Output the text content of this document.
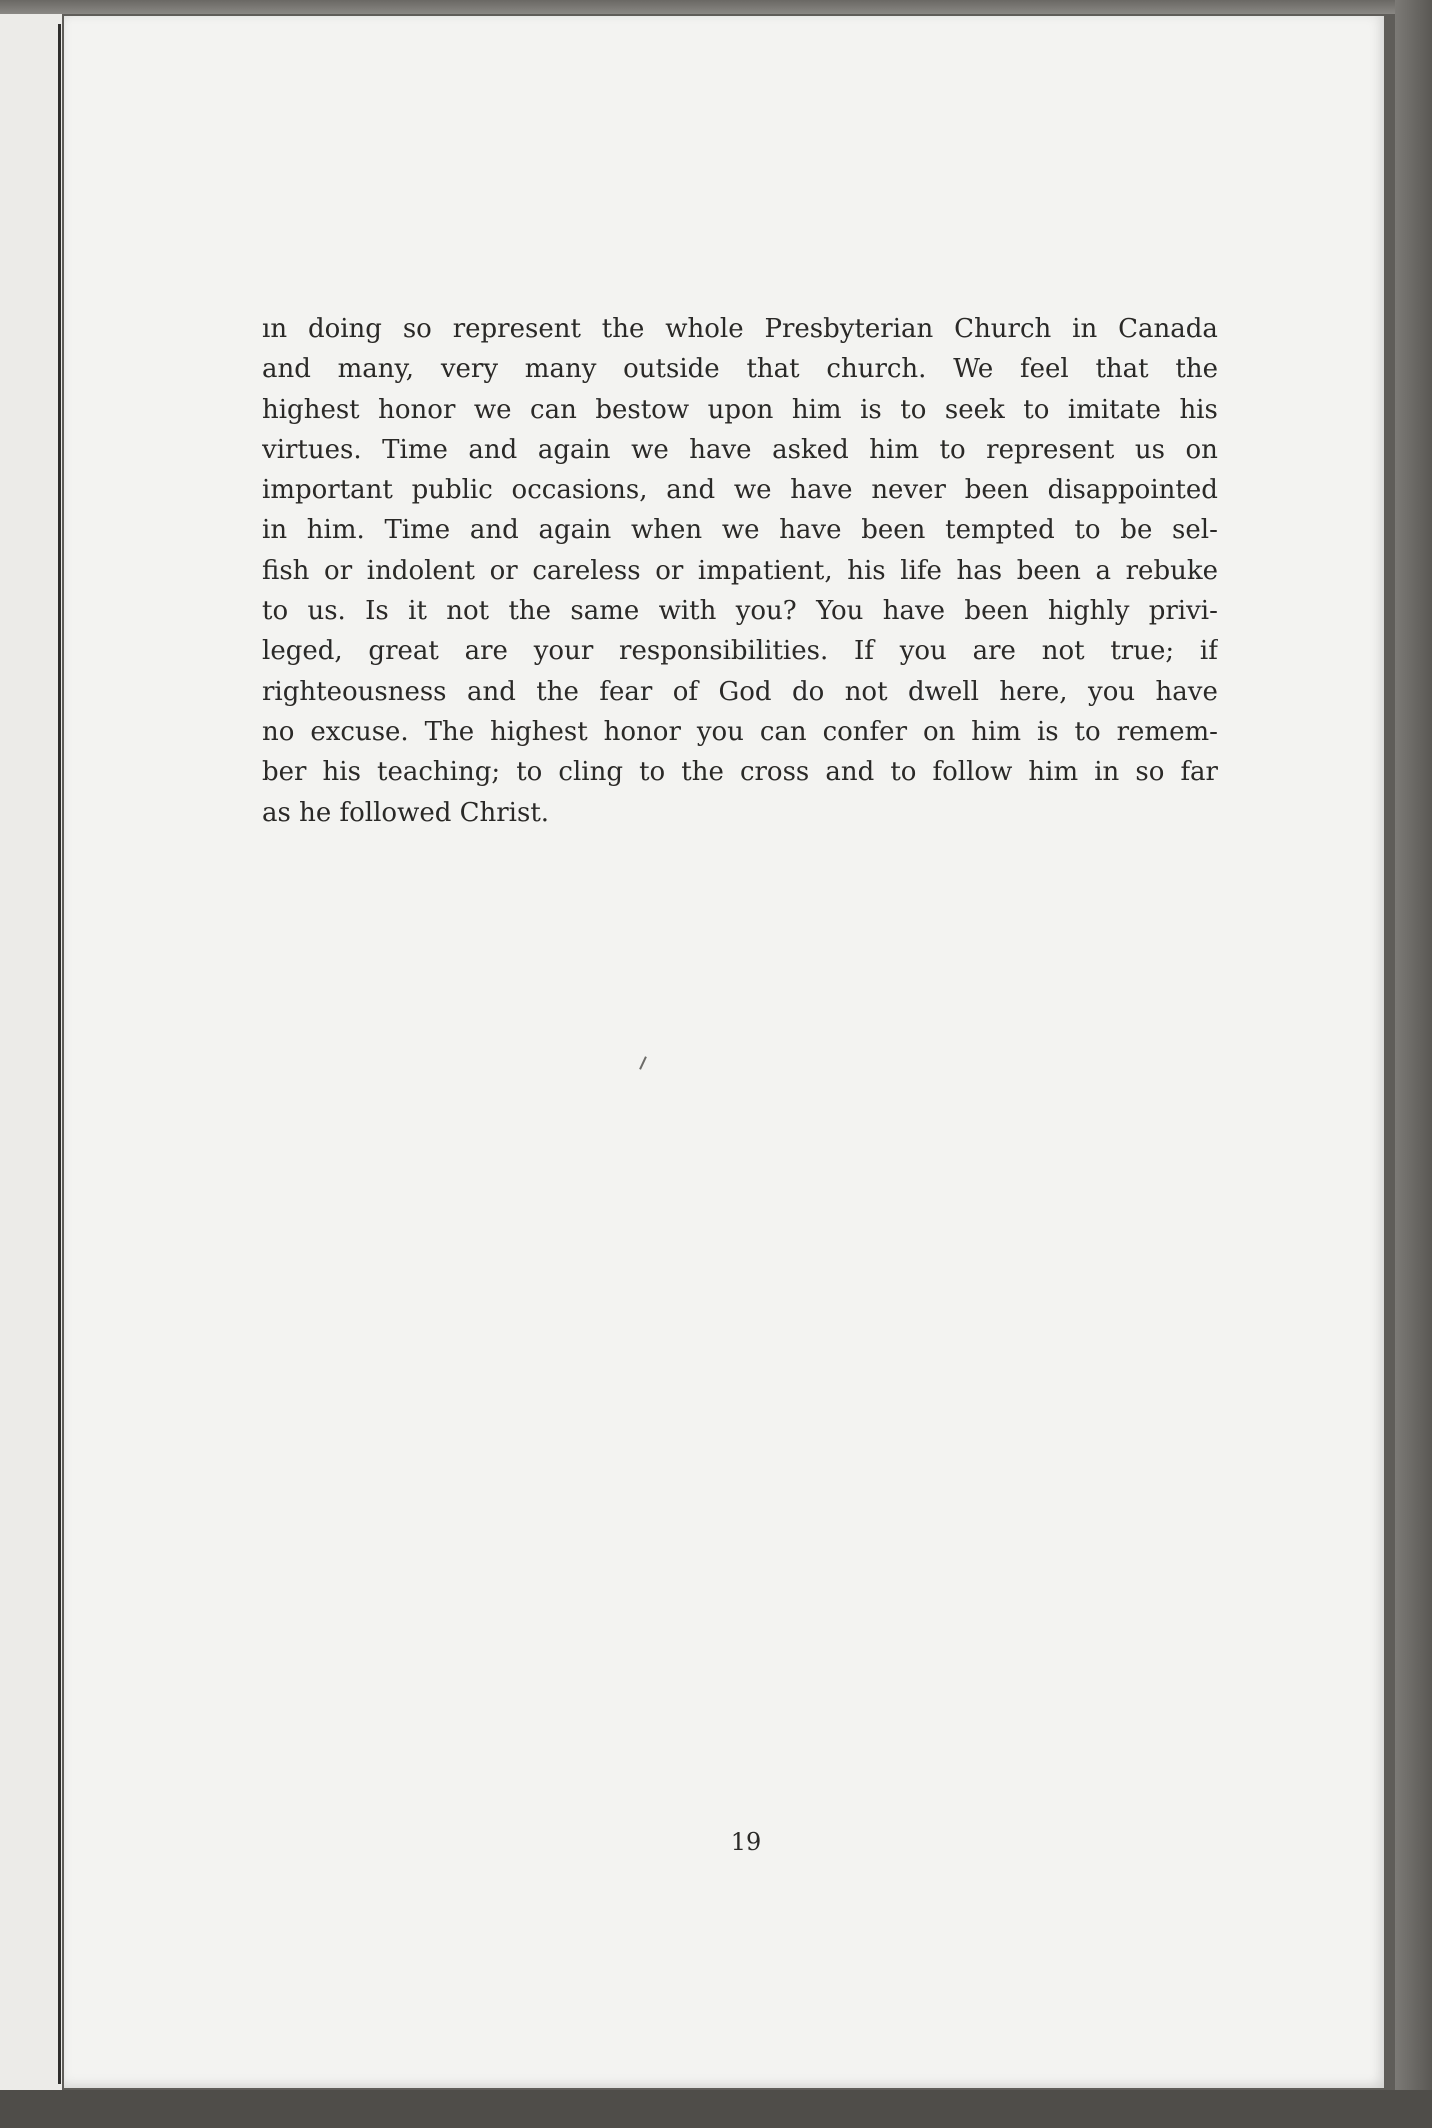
ın doing so represent the whole Presbyterian Church in Canada
and many, very many outside that church. We feel that the
highest honor we can bestow upon him is to seek to imitate his
virtues. Time and again we have asked him to represent us on
important public occasions, and we have never been disappointed
in him. Time and again when we have been tempted to be sel-
fish or indolent or careless or impatient, his life has been a rebuke
to us. Is it not the same with you? You have been highly privi-
leged, great are your responsibilities. If you are not true; if
righteousness and the fear of God do not dwell here, you have
no excuse. The highest honor you can confer on him is to remem-
ber his teaching; to cling to the cross and to follow him in so far
as he followed Christ.

19
